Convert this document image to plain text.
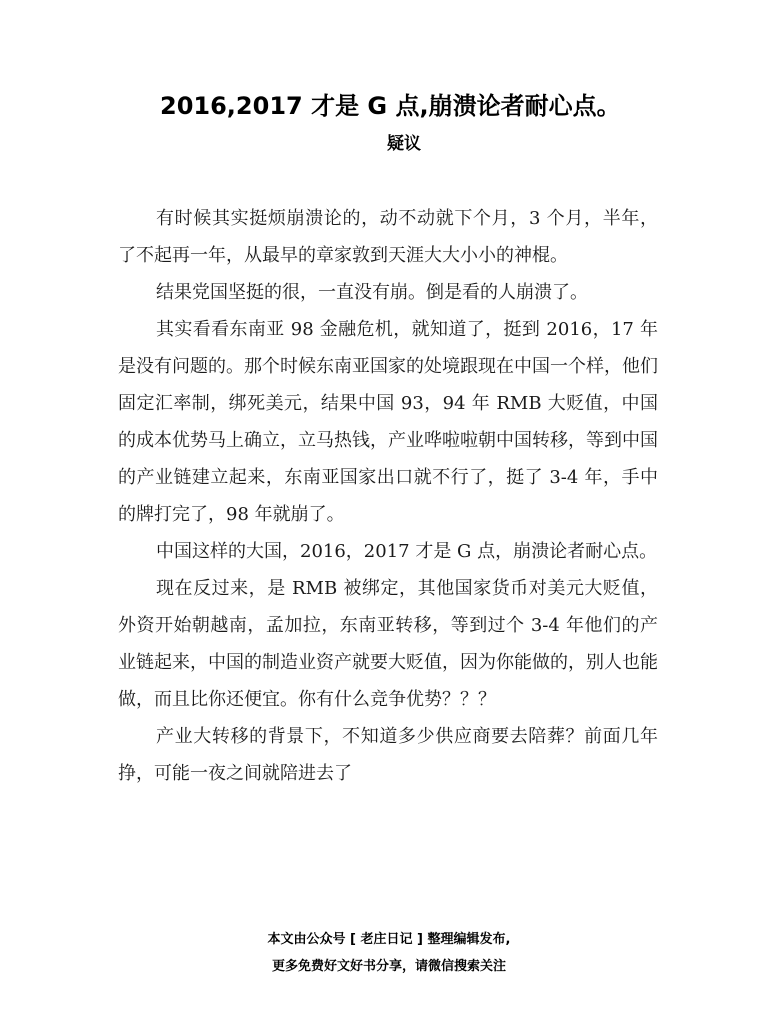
2016,2017 才是 G 点,崩溃论者耐心点。
疑议

有时候其实挺烦崩溃论的，动不动就下个月，3 个月，半年，了不起再一年，从最早的章家敦到天涯大大小小的神棍。

结果党国坚挺的很，一直没有崩。倒是看的人崩溃了。

其实看看东南亚 98 金融危机，就知道了，挺到 2016，17 年是没有问题的。那个时候东南亚国家的处境跟现在中国一个样，他们固定汇率制，绑死美元，结果中国 93，94 年 RMB 大贬值，中国的成本优势马上确立，立马热钱，产业哗啦啦朝中国转移，等到中国的产业链建立起来，东南亚国家出口就不行了，挺了 3-4 年，手中的牌打完了，98 年就崩了。

中国这样的大国，2016，2017 才是 G 点，崩溃论者耐心点。

现在反过来，是 RMB 被绑定，其他国家货币对美元大贬值，外资开始朝越南，孟加拉，东南亚转移，等到过个 3-4 年他们的产业链起来，中国的制造业资产就要大贬值，因为你能做的，别人也能做，而且比你还便宜。你有什么竞争优势？？？

产业大转移的背景下，不知道多少供应商要去陪葬？前面几年挣，可能一夜之间就陪进去了

本文由公众号 [ 老庄日记 ] 整理编辑发布,
更多免费好文好书分享，请微信搜索关注
